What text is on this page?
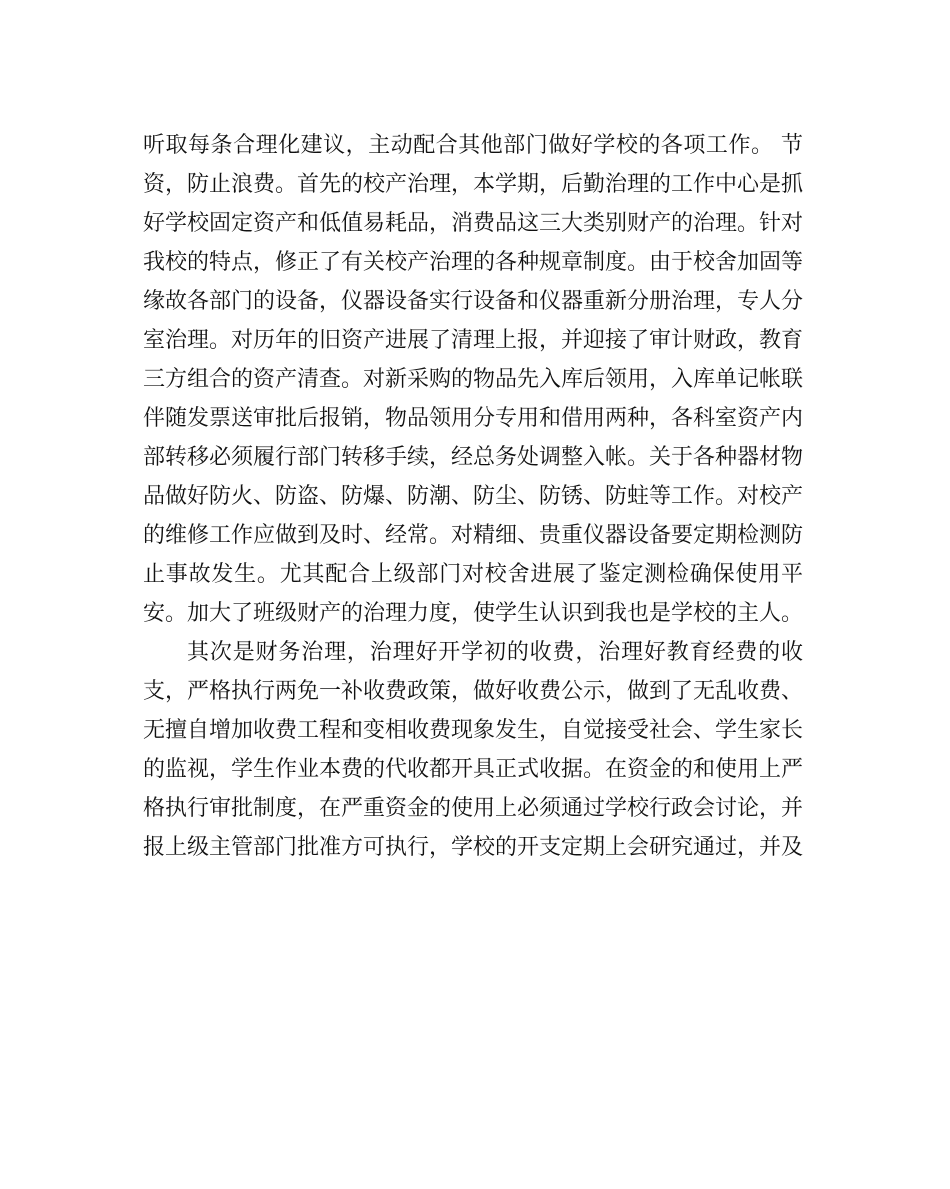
听取每条合理化建议，主动配合其他部门做好学校的各项工作。 节
资，防止浪费。首先的校产治理，本学期，后勤治理的工作中心是抓
好学校固定资产和低值易耗品，消费品这三大类别财产的治理。针对
我校的特点，修正了有关校产治理的各种规章制度。由于校舍加固等
缘故各部门的设备，仪器设备实行设备和仪器重新分册治理，专人分
室治理。对历年的旧资产进展了清理上报，并迎接了审计财政，教育
三方组合的资产清查。对新采购的物品先入库后领用，入库单记帐联
伴随发票送审批后报销，物品领用分专用和借用两种，各科室资产内
部转移必须履行部门转移手续，经总务处调整入帐。关于各种器材物
品做好防火、防盗、防爆、防潮、防尘、防锈、防蛀等工作。对校产
的维修工作应做到及时、经常。对精细、贵重仪器设备要定期检测防
止事故发生。尤其配合上级部门对校舍进展了鉴定测检确保使用平
安。加大了班级财产的治理力度，使学生认识到我也是学校的主人。
其次是财务治理，治理好开学初的收费，治理好教育经费的收
支，严格执行两免一补收费政策，做好收费公示，做到了无乱收费、
无擅自增加收费工程和变相收费现象发生，自觉接受社会、学生家长
的监视，学生作业本费的代收都开具正式收据。在资金的和使用上严
格执行审批制度，在严重资金的使用上必须通过学校行政会讨论，并
报上级主管部门批准方可执行，学校的开支定期上会研究通过，并及
